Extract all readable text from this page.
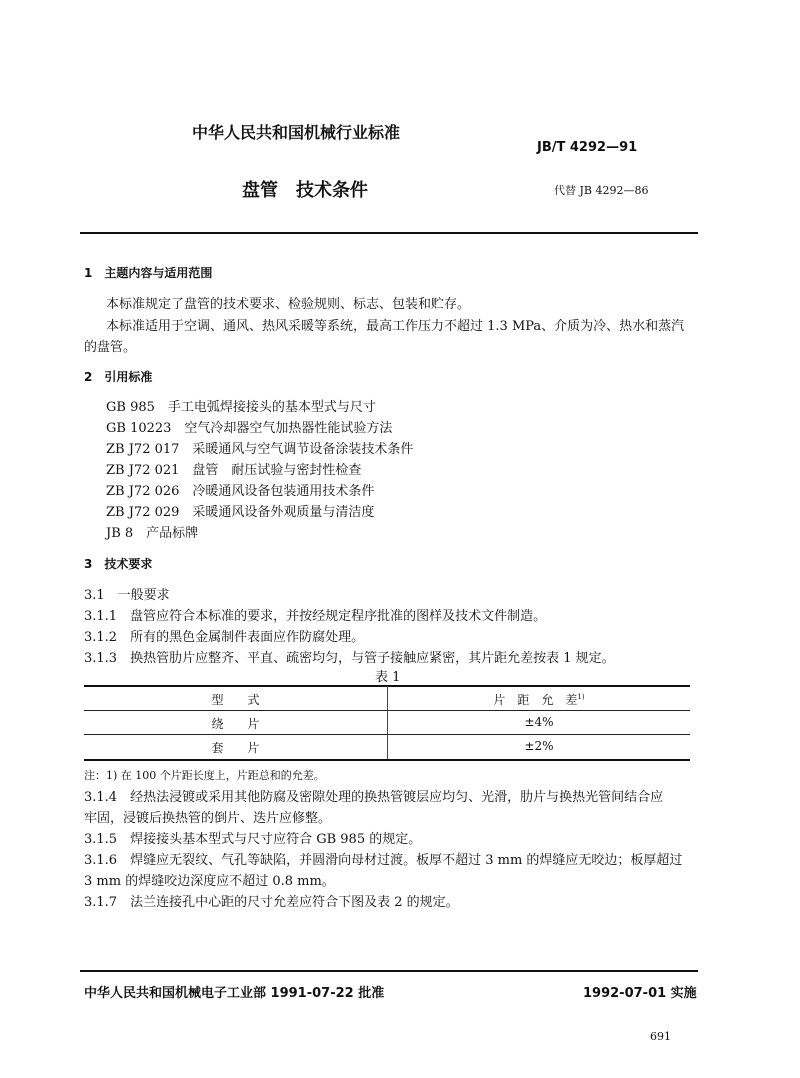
中华人民共和国机械行业标准
JB/T 4292—91
盘管　技术条件	代替 JB 4292—86
1　主题内容与适用范围
本标准规定了盘管的技术要求、检验规则、标志、包装和贮存。
本标准适用于空调、通风、热风采暖等系统，最高工作压力不超过 1.3 MPa、介质为冷、热水和蒸汽
的盘管。
2　引用标准
GB 985　手工电弧焊接接头的基本型式与尺寸
GB 10223　空气冷却器空气加热器性能试验方法
ZB J72 017　采暖通风与空气调节设备涂装技术条件
ZB J72 021　盘管　耐压试验与密封性检查
ZB J72 026　冷暖通风设备包装通用技术条件
ZB J72 029　采暖通风设备外观质量与清洁度
JB 8　产品标牌
3　技术要求
3.1　一般要求
3.1.1　盘管应符合本标准的要求，并按经规定程序批准的图样及技术文件制造。
3.1.2　所有的黑色金属制件表面应作防腐处理。
3.1.3　换热管肋片应整齐、平直、疏密均匀，与管子接触应紧密，其片距允差按表 1 规定。
表 1
型　　式	片　距　允　差$^{1)}$
绕　　片	±4%
套　　片	±2%
注：1) 在 100 个片距长度上，片距总和的允差。
3.1.4　经热法浸镀或采用其他防腐及密隙处理的换热管镀层应均匀、光滑，肋片与换热光管间结合应
牢固，浸镀后换热管的倒片、迭片应修整。
3.1.5　焊接接头基本型式与尺寸应符合 GB 985 的规定。
3.1.6　焊缝应无裂纹、气孔等缺陷，并圆滑向母材过渡。板厚不超过 3 mm 的焊缝应无咬边；板厚超过
3 mm 的焊缝咬边深度应不超过 0.8 mm。
3.1.7　法兰连接孔中心距的尺寸允差应符合下图及表 2 的规定。
中华人民共和国机械电子工业部 1991-07-22 批准	1992-07-01 实施
691
